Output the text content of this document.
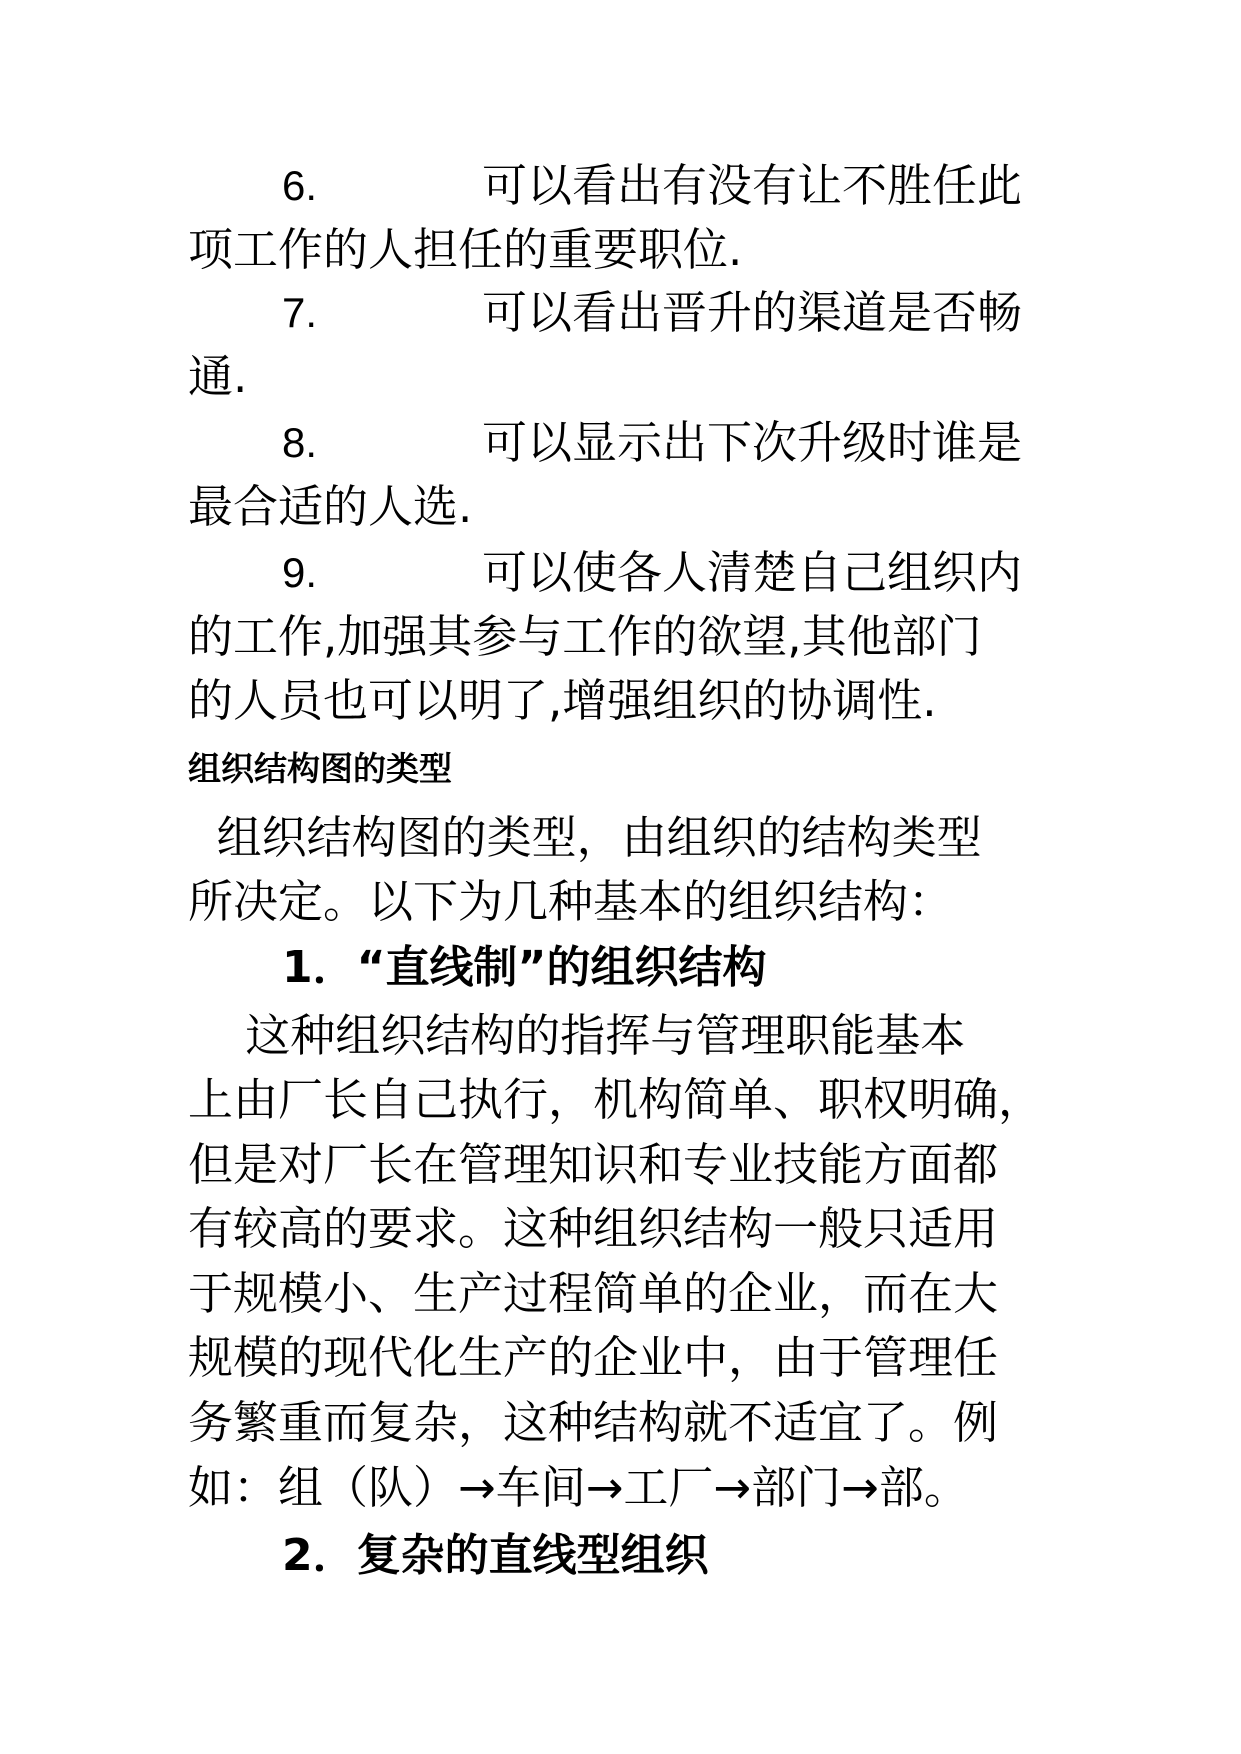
6.	可以看出有没有让不胜任此
项工作的人担任的重要职位.
7.	可以看出晋升的渠道是否畅
通.
8.	可以显示出下次升级时谁是
最合适的人选.
9.	可以使各人清楚自己组织内
的工作,加强其参与工作的欲望,其他部门
的人员也可以明了,增强组织的协调性.
组织结构图的类型
组织结构图的类型，由组织的结构类型
所决定。以下为几种基本的组织结构：
1．“直线制”的组织结构
这种组织结构的指挥与管理职能基本
上由厂长自己执行，机构简单、职权明确，
但是对厂长在管理知识和专业技能方面都
有较高的要求。这种组织结构一般只适用
于规模小、生产过程简单的企业，而在大
规模的现代化生产的企业中，由于管理任
务繁重而复杂，这种结构就不适宜了。例
如：组（队）→车间→工厂→部门→部。
2．复杂的直线型组织
